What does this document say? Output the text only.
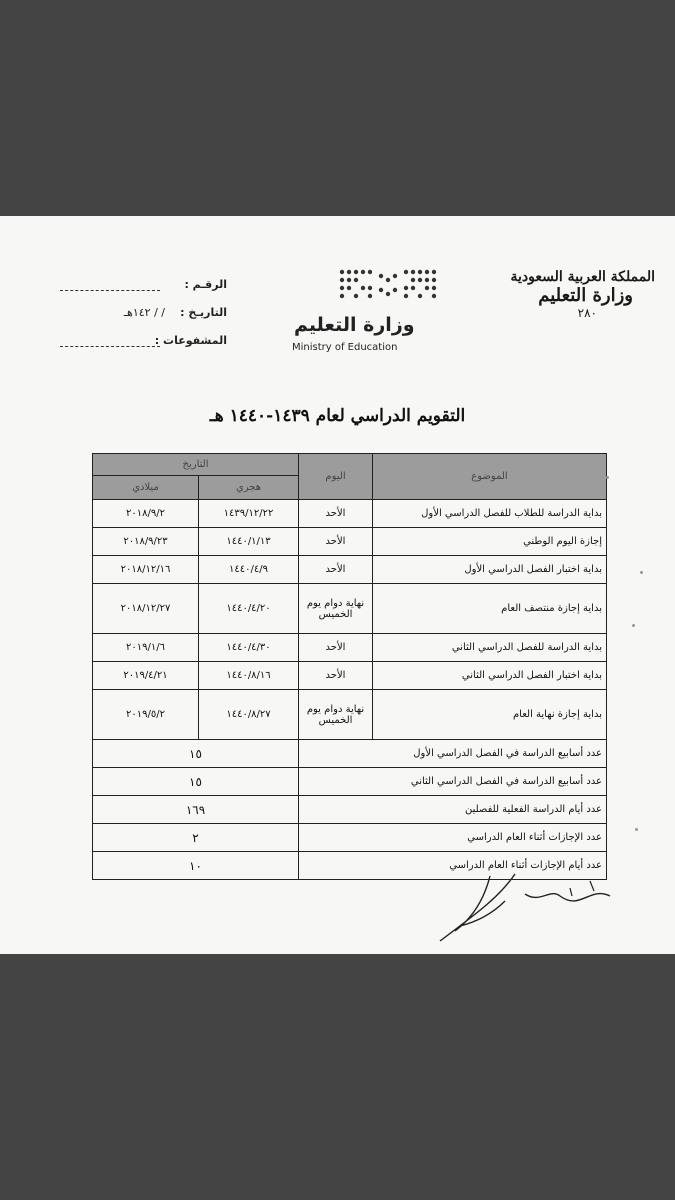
المملكة العربية السعودية
وزارة التعليم
٢٨٠
وزارة التعليم
Ministry of Education
الرقـم :
التاريـخ :
/ / ١٤٢هـ
المشفوعات :
التقويم الدراسي لعام ١٤٣٩-١٤٤٠ هـ
الموضوع	اليوم	التاريخ	
		هجري	ميلادي
بداية الدراسة للطلاب للفصل الدراسي الأول	الأحد	١٤٣٩/١٢/٢٢	٢٠١٨/٩/٢
إجازة اليوم الوطني	الأحد	١٤٤٠/١/١٣	٢٠١٨/٩/٢٣
بداية اختبار الفصل الدراسي الأول	الأحد	١٤٤٠/٤/٩	٢٠١٨/١٢/١٦
بداية إجازة منتصف العام	نهاية دوام يوم الخميس	١٤٤٠/٤/٢٠	٢٠١٨/١٢/٢٧
بداية الدراسة للفصل الدراسي الثاني	الأحد	١٤٤٠/٤/٣٠	٢٠١٩/١/٦
بداية اختبار الفصل الدراسي الثاني	الأحد	١٤٤٠/٨/١٦	٢٠١٩/٤/٢١
بداية إجازة نهاية العام	نهاية دوام يوم الخميس	١٤٤٠/٨/٢٧	٢٠١٩/٥/٢
عدد أسابيع الدراسة في الفصل الدراسي الأول		١٥	
عدد أسابيع الدراسة في الفصل الدراسي الثاني		١٥	
عدد أيام الدراسة الفعلية للفصلين		١٦٩	
عدد الإجازات أثناء العام الدراسي		٢	
عدد أيام الإجازات أثناء العام الدراسي		١٠	
